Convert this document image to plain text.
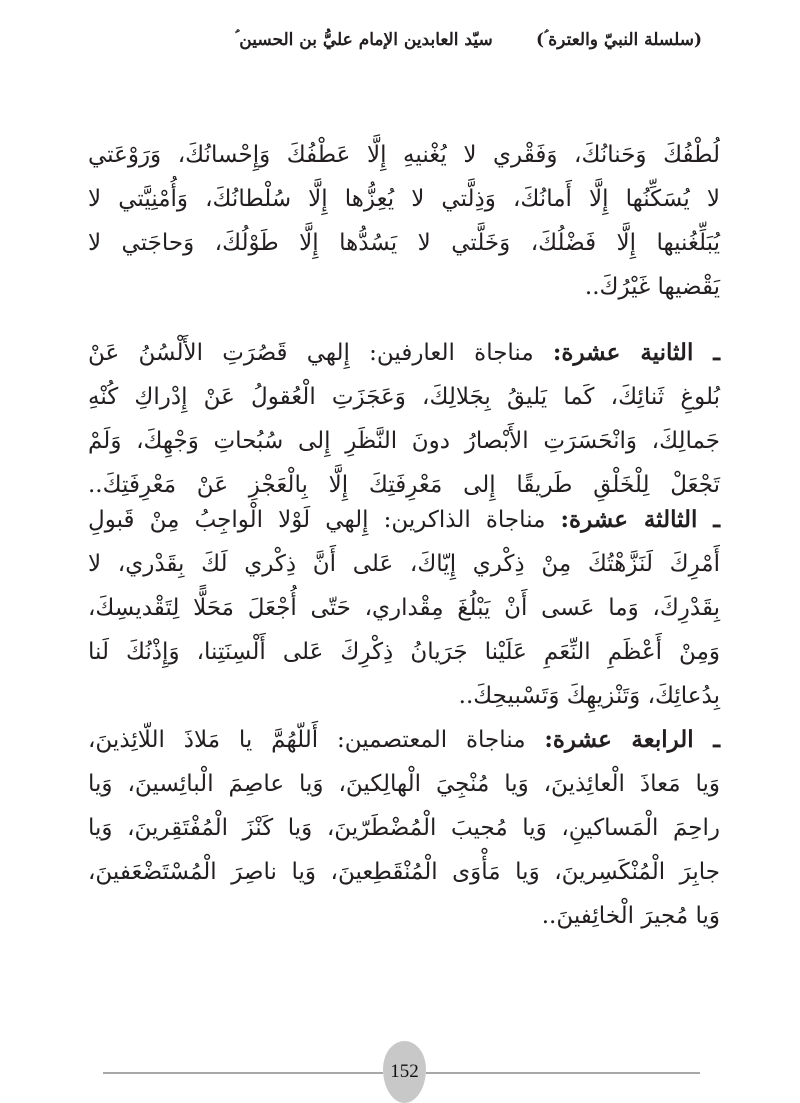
(سلسلة النبيّ والعترة ؑ)
سيّد العابدين الإمام عليُّ بن الحسين ؑ
لُطْفُكَ وَحَنانُكَ، وَفَقْري لا يُغْنيهِ إِلَّا عَطْفُكَ وَإِحْسانُكَ، وَرَوْعَتي
لا يُسَكِّنُها إِلَّا أَمانُكَ، وَذِلَّتي لا يُعِزُّها إِلَّا سُلْطانُكَ، وَأُمْنِيَّتي لا
يُبَلِّغُنيها إِلَّا فَضْلُكَ، وَخَلَّتي لا يَسُدُّها إِلَّا طَوْلُكَ، وَحاجَتي لا
يَقْضيها غَيْرُكَ..
ـ الثانية عشرة: مناجاة العارفين: إِلهي قَصُرَتِ الأَلْسُنُ عَنْ
بُلوغِ ثَنائِكَ، كَما يَليقُ بِجَلالِكَ، وَعَجَزَتِ الْعُقولُ عَنْ إِدْراكِ كُنْهِ
جَمالِكَ، وَانْحَسَرَتِ الأَبْصارُ دونَ النَّظَرِ إِلى سُبُحاتِ وَجْهِكَ، وَلَمْ
تَجْعَلْ لِلْخَلْقِ طَريقًا إِلى مَعْرِفَتِكَ إِلَّا بِالْعَجْزِ عَنْ مَعْرِفَتِكَ..
ـ الثالثة عشرة: مناجاة الذاكرين: إِلهي لَوْلا الْواجِبُ مِنْ قَبولِ
أَمْرِكَ لَنَزَّهْتُكَ مِنْ ذِكْري إِيّاكَ، عَلى أَنَّ ذِكْري لَكَ بِقَدْري، لا
بِقَدْرِكَ، وَما عَسى أَنْ يَبْلُغَ مِقْداري، حَتّى أُجْعَلَ مَحَلًّا لِتَقْديسِكَ،
وَمِنْ أَعْظَمِ النِّعَمِ عَلَيْنا جَرَيانُ ذِكْرِكَ عَلى أَلْسِنَتِنا، وَإِذْنُكَ لَنا
بِدُعائِكَ، وَتَنْزيهِكَ وَتَسْبيحِكَ..
ـ الرابعة عشرة: مناجاة المعتصمين: أَللّهُمَّ يا مَلاذَ اللّائِذينَ،
وَيا مَعاذَ الْعائِذينَ، وَيا مُنْجِيَ الْهالِكينَ، وَيا عاصِمَ الْبائِسينَ، وَيا
راحِمَ الْمَساكينِ، وَيا مُجيبَ الْمُضْطَرّينَ، وَيا كَنْزَ الْمُفْتَقِرينَ، وَيا
جابِرَ الْمُنْكَسِرينَ، وَيا مَأْوَى الْمُنْقَطِعينَ، وَيا ناصِرَ الْمُسْتَضْعَفينَ،
وَيا مُجيرَ الْخائِفينَ..
152
